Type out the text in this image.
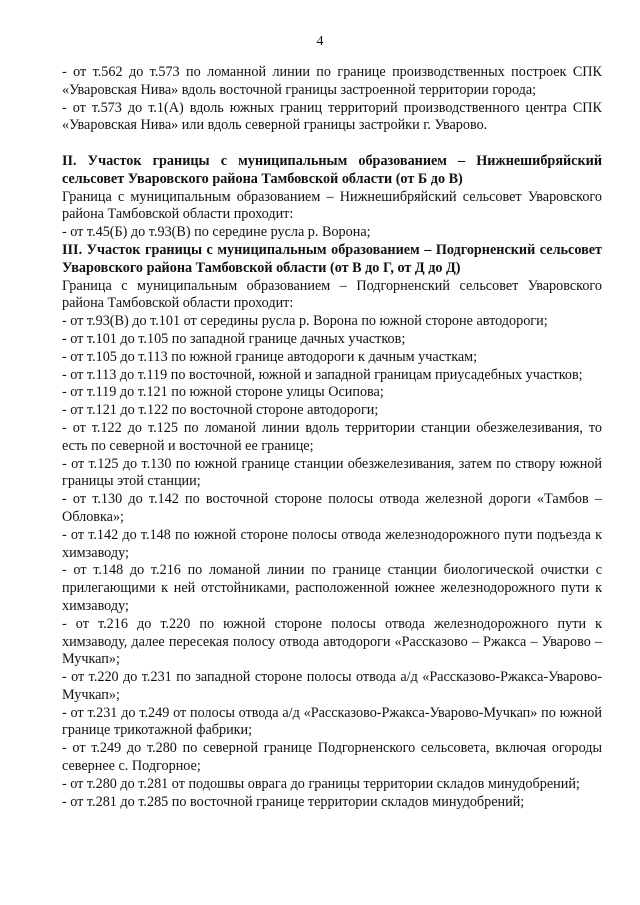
4

- от т.562 до т.573 по ломанной линии по границе производственных построек СПК «Уваровская Нива» вдоль восточной границы застроенной территории города;

- от т.573 до т.1(А) вдоль южных границ территорий производственного центра СПК «Уваровская Нива» или вдоль северной границы застройки г. Уварово.

II. Участок границы с муниципальным образованием – Нижнешибряйский сельсовет Уваровского района Тамбовской области (от Б до В)

Граница с муниципальным образованием – Нижнешибряйский сельсовет Уваровского района Тамбовской области проходит:

- от т.45(Б) до т.93(В) по середине русла р. Ворона;

III. Участок границы с муниципальным образованием – Подгорненский сельсовет Уваровского района Тамбовской области (от В до Г, от Д до Д)

Граница с муниципальным образованием – Подгорненский сельсовет Уваровского района Тамбовской области проходит:

- от т.93(В) до т.101 от середины русла р. Ворона по южной стороне автодороги;

- от т.101 до т.105 по западной границе дачных участков;

- от т.105 до т.113 по южной границе автодороги к дачным участкам;

- от т.113 до т.119 по восточной, южной и западной границам приусадебных участков;

- от т.119 до т.121 по южной стороне улицы Осипова;

- от т.121 до т.122 по восточной стороне автодороги;

- от т.122 до т.125 по ломаной линии вдоль территории станции обезжелезивания, то есть по северной и восточной ее границе;

- от т.125 до т.130 по южной границе станции обезжелезивания, затем по створу южной границы этой станции;

- от т.130 до т.142 по восточной стороне полосы отвода железной дороги «Тамбов – Обловка»;

- от т.142 до т.148 по южной стороне полосы отвода железнодорожного пути подъезда к химзаводу;

- от т.148 до т.216 по ломаной линии по границе станции биологической очистки с прилегающими к ней отстойниками, расположенной южнее железнодорожного пути к химзаводу;

- от т.216 до т.220 по южной стороне полосы отвода железнодорожного пути к химзаводу, далее пересекая полосу отвода автодороги «Рассказово – Ржакса – Уварово – Мучкап»;

- от т.220 до т.231 по западной стороне полосы отвода а/д «Рассказово-Ржакса-Уварово-Мучкап»;

- от т.231 до т.249 от полосы отвода а/д «Рассказово-Ржакса-Уварово-Мучкап» по южной границе трикотажной фабрики;

- от т.249 до т.280 по северной границе Подгорненского сельсовета, включая огороды севернее с. Подгорное;

- от т.280 до т.281 от подошвы оврага до границы территории складов минудобрений;

- от т.281 до т.285 по восточной границе территории складов минудобрений;
